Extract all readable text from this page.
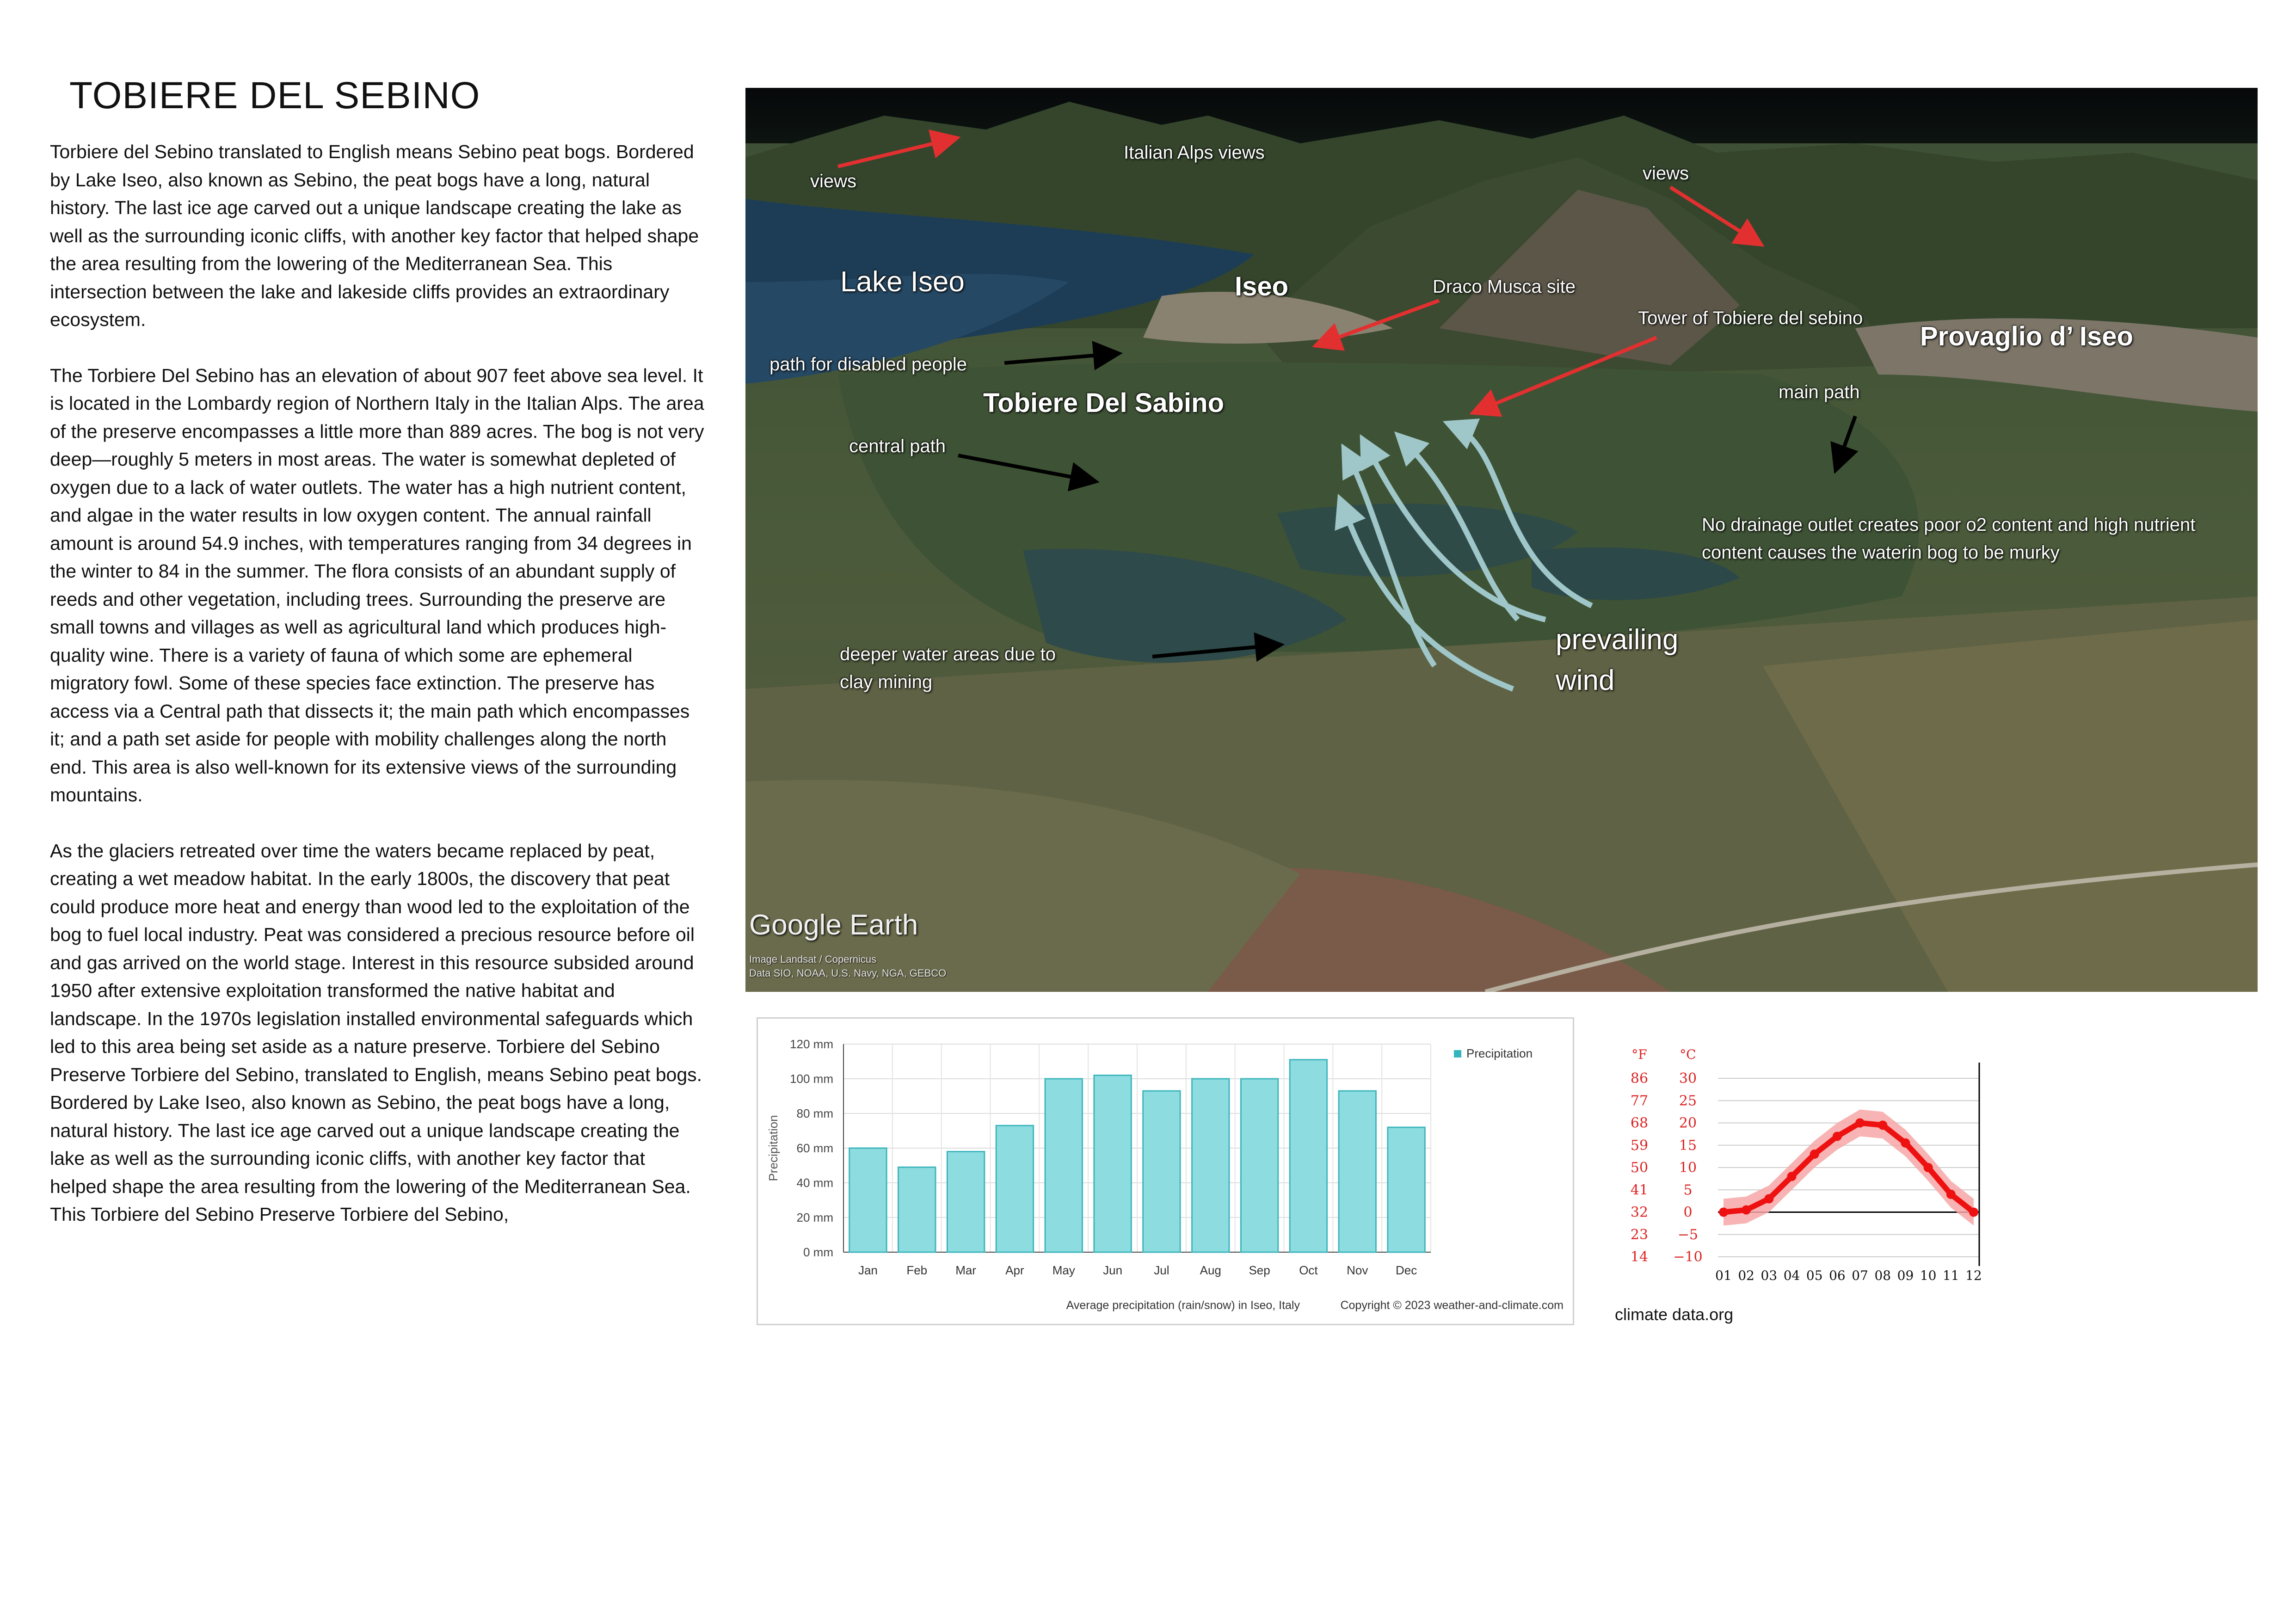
TOBIERE DEL SEBINO

Torbiere del Sebino translated to English means Sebino peat bogs. Bordered by Lake Iseo, also known as Sebino, the peat bogs have a long, natural history. The last ice age carved out a unique landscape creating the lake as well as the surrounding iconic cliffs, with another key factor that helped shape the area resulting from the lowering of the Mediterranean Sea. This intersection between the lake and lakeside cliffs provides an extraordinary ecosystem.

The Torbiere Del Sebino has an elevation of about 907 feet above sea level. It is located in the Lombardy region of Northern Italy in the Italian Alps. The area of the preserve encompasses a little more than 889 acres. The bog is not very deep—roughly 5 meters in most areas. The water is somewhat depleted of oxygen due to a lack of water outlets. The water has a high nutrient content, and algae in the water results in low oxygen content. The annual rainfall amount is around 54.9 inches, with temperatures ranging from 34 degrees in the winter to 84 in the summer. The flora consists of an abundant supply of reeds and other vegetation, including trees. Surrounding the preserve are small towns and villages as well as agricultural land which produces high-quality wine. There is a variety of fauna of which some are ephemeral migratory fowl. Some of these species face extinction. The preserve has access via a Central path that dissects it; the main path which encompasses it; and a path set aside for people with mobility challenges along the north end. This area is also well-known for its extensive views of the surrounding mountains.

As the glaciers retreated over time the waters became replaced by peat, creating a wet meadow habitat. In the early 1800s, the discovery that peat could produce more heat and energy than wood led to the exploitation of the bog to fuel local industry. Peat was considered a precious resource before oil and gas arrived on the world stage. Interest in this resource subsided around 1950 after extensive exploitation transformed the native habitat and landscape. In the 1970s legislation installed environmental safeguards which led to this area being set aside as a nature preserve. Torbiere del Sebino Preserve Torbiere del Sebino, translated to English, means Sebino peat bogs. Bordered by Lake Iseo, also known as Sebino, the peat bogs have a long, natural history. The last ice age carved out a unique landscape creating the lake as well as the surrounding iconic cliffs, with another key factor that helped shape the area resulting from the lowering of the Mediterranean Sea. This Torbiere del Sebino Preserve Torbiere del Sebino,

views
Italian Alps views
views
Lake Iseo	Iseo	Draco Musca site
Tower of Tobiere del sebino
Provaglio d’ Iseo
path for disabled people
Tobiere Del Sabino	main path
central path
No drainage outlet creates poor o2 content and high nutrient content causes the waterin bog to be murky
deeper water areas due to clay mining
prevailing wind
Google Earth
Image Landsat / Copernicus
Data SIO, NOAA, U.S. Navy, NGA, GEBCO
0 mm
20 mm
40 mm
60 mm
80 mm
100 mm
120 mm
Jan Feb Mar Apr May Jun	Jul	Aug Sep Oct Nov Dec
Precipitation
Precipitation
Average precipitation (rain/snow) in Iseo, Italy	Copyright © 2023 weather-and-climate.com
°F	°C
86 30
77 25
68 20
59 15
50 10
41	5
32	0
23 −5
14 −10
01 02 03 04 05 06 07 08 09 10 11 12
climate data.org
